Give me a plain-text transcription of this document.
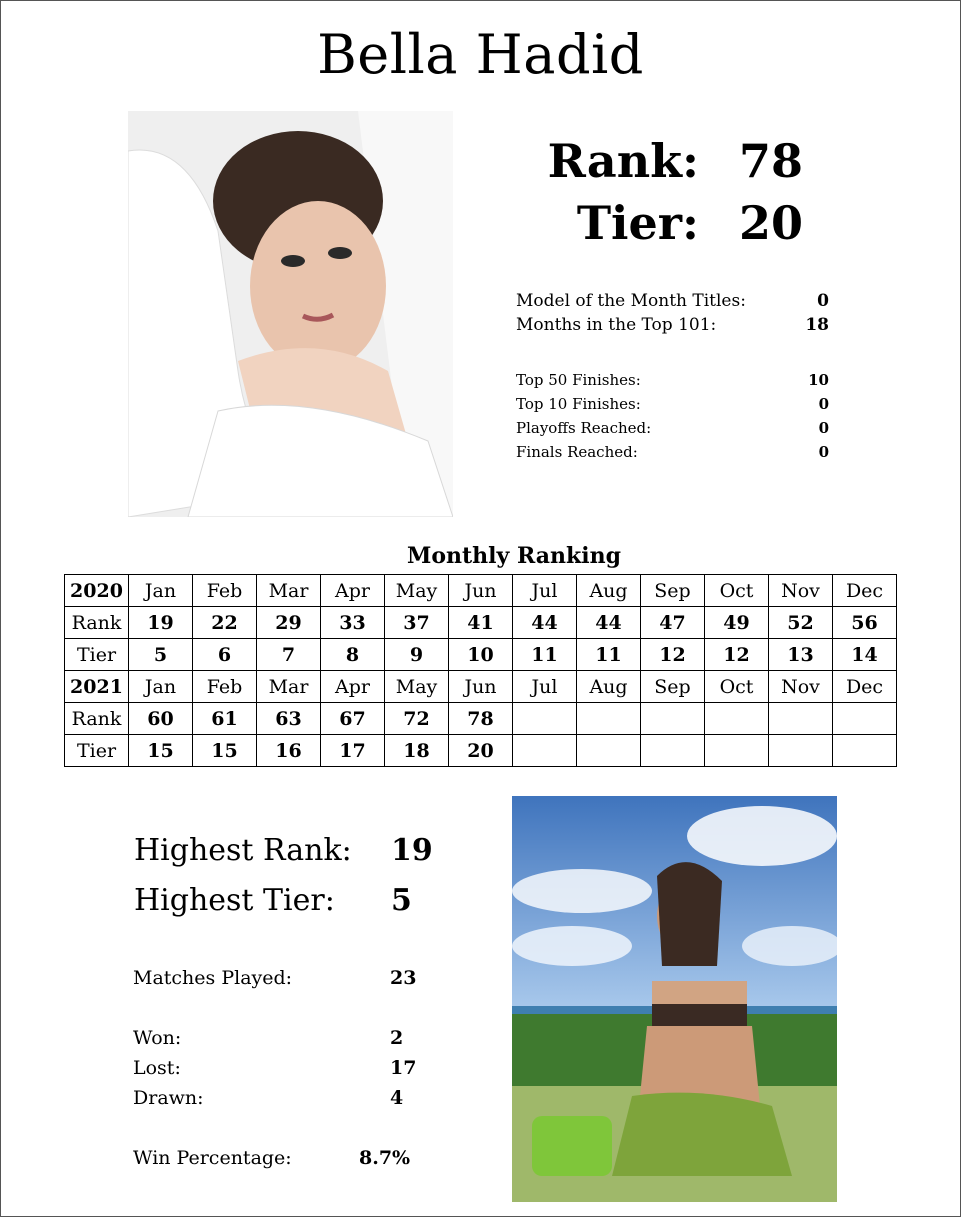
Bella Hadid
Rank: 78
Tier: 20
Model of the Month Titles:	0
Months in the Top 101:	18
Top 50 Finishes:	10
Top 10 Finishes:	0
Playoffs Reached:	0
Finals Reached:	0
Monthly Ranking
2020	Jan	Feb	Mar	Apr	May	Jun	Jul	Aug	Sep	Oct	Nov	Dec
Rank	19	22	29	33	37	41	44	44	47	49	52	56
Tier	5	6	7	8	9	10	11	11	12	12	13	14
2021	Jan	Feb	Mar	Apr	May	Jun	Jul	Aug	Sep	Oct	Nov	Dec
Rank	60	61	63	67	72	78						
Tier	15	15	16	17	18	20						
Highest Rank: 19
Highest Tier: 5
Matches Played:	23
Won:	2
Lost:	17
Drawn:	4
Win Percentage:	8.7%
